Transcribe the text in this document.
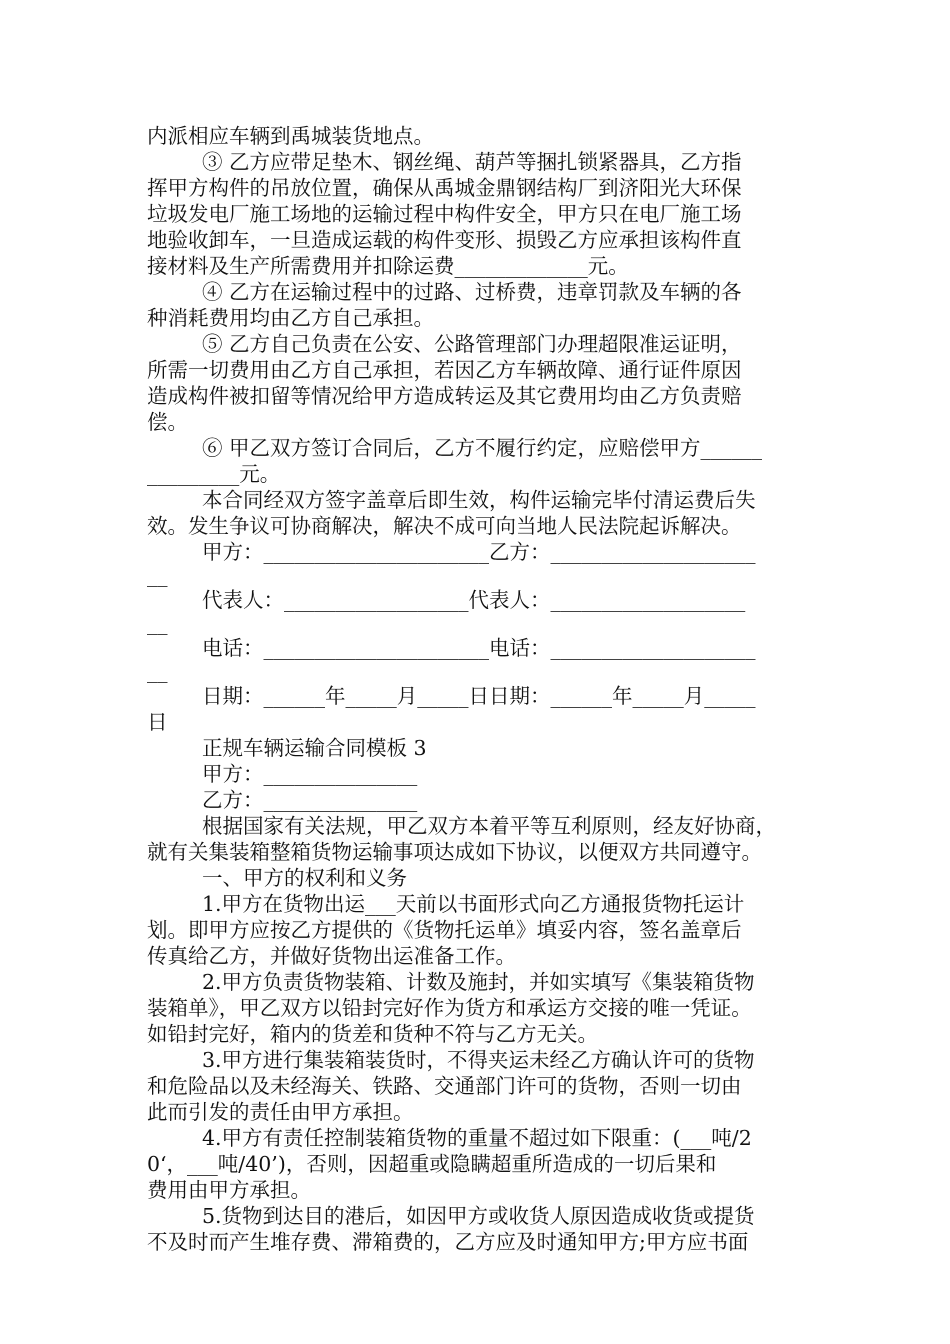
内派相应车辆到禹城装货地点。
③ 乙方应带足垫木、钢丝绳、葫芦等捆扎锁紧器具，乙方指
挥甲方构件的吊放位置，确保从禹城金鼎钢结构厂到济阳光大环保
垃圾发电厂施工场地的运输过程中构件安全，甲方只在电厂施工场
地验收卸车，一旦造成运载的构件变形、损毁乙方应承担该构件直
接材料及生产所需费用并扣除运费_____________元。
④ 乙方在运输过程中的过路、过桥费，违章罚款及车辆的各
种消耗费用均由乙方自己承担。
⑤ 乙方自己负责在公安、公路管理部门办理超限准运证明，
所需一切费用由乙方自己承担，若因乙方车辆故障、通行证件原因
造成构件被扣留等情况给甲方造成转运及其它费用均由乙方负责赔
偿。
⑥ 甲乙双方签订合同后，乙方不履行约定，应赔偿甲方______
_________元。
本合同经双方签字盖章后即生效，构件运输完毕付清运费后失
效。发生争议可协商解决，解决不成可向当地人民法院起诉解决。
甲方：______________________乙方：____________________
__
代表人：__________________代表人：___________________
__
电话：______________________电话：____________________
__
日期：______年_____月_____日日期：______年_____月_____
日
正规车辆运输合同模板 3
甲方：_______________
乙方：_______________
根据国家有关法规，甲乙双方本着平等互利原则，经友好协商，
就有关集装箱整箱货物运输事项达成如下协议，以便双方共同遵守。
一、甲方的权利和义务
1.甲方在货物出运___天前以书面形式向乙方通报货物托运计
划。即甲方应按乙方提供的《货物托运单》填妥内容，签名盖章后
传真给乙方，并做好货物出运准备工作。
2.甲方负责货物装箱、计数及施封，并如实填写《集装箱货物
装箱单》，甲乙双方以铅封完好作为货方和承运方交接的唯一凭证。
如铅封完好，箱内的货差和货种不符与乙方无关。
3.甲方进行集装箱装货时，不得夹运未经乙方确认许可的货物
和危险品以及未经海关、铁路、交通部门许可的货物，否则一切由
此而引发的责任由甲方承担。
4.甲方有责任控制装箱货物的重量不超过如下限重：(___吨/2
0‘，___吨/40’)，否则，因超重或隐瞒超重所造成的一切后果和
费用由甲方承担。
5.货物到达目的港后，如因甲方或收货人原因造成收货或提货
不及时而产生堆存费、滞箱费的，乙方应及时通知甲方;甲方应书面
